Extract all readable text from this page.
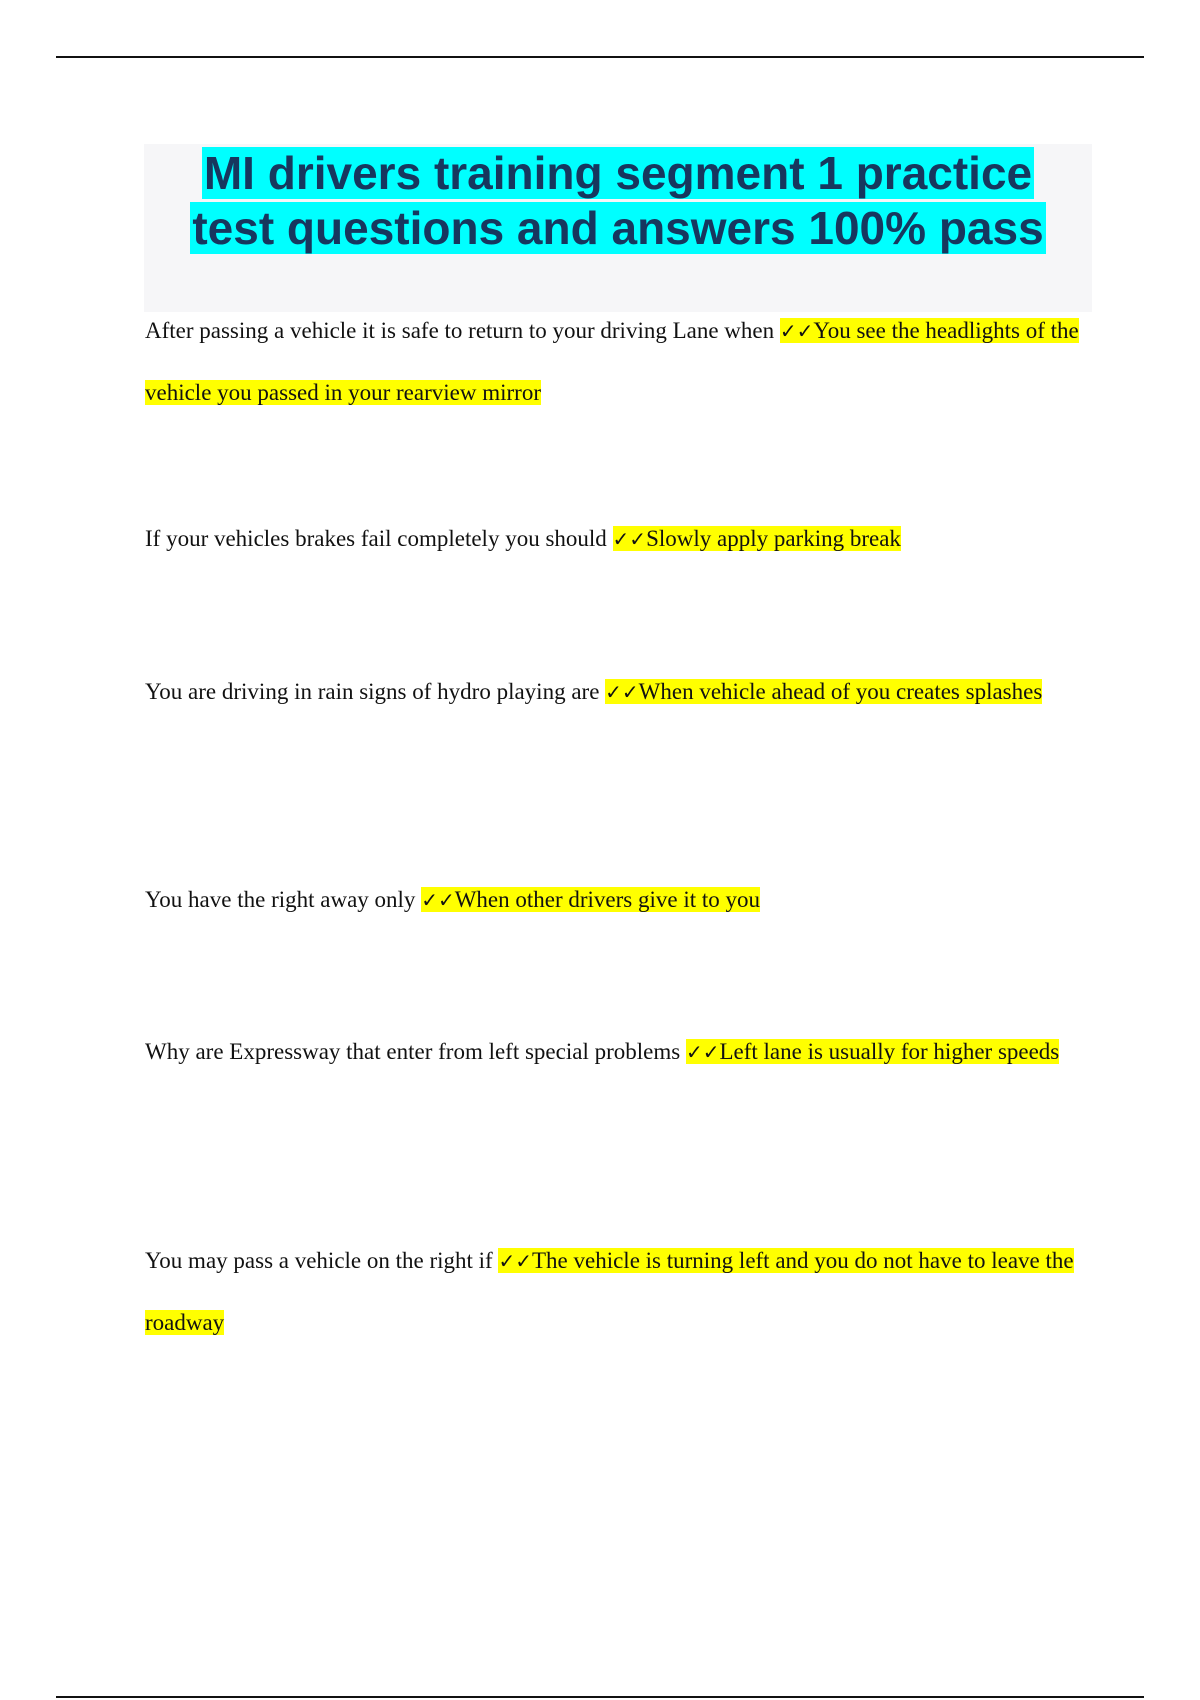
MI drivers training segment 1 practice
test questions and answers 100% pass

After passing a vehicle it is safe to return to your driving Lane when ✓✓You see the headlights of the vehicle you passed in your rearview mirror

If your vehicles brakes fail completely you should ✓✓Slowly apply parking break

You are driving in rain signs of hydro playing are ✓✓When vehicle ahead of you creates splashes

You have the right away only ✓✓When other drivers give it to you

Why are Expressway that enter from left special problems ✓✓Left lane is usually for higher speeds

You may pass a vehicle on the right if ✓✓The vehicle is turning left and you do not have to leave the roadway
